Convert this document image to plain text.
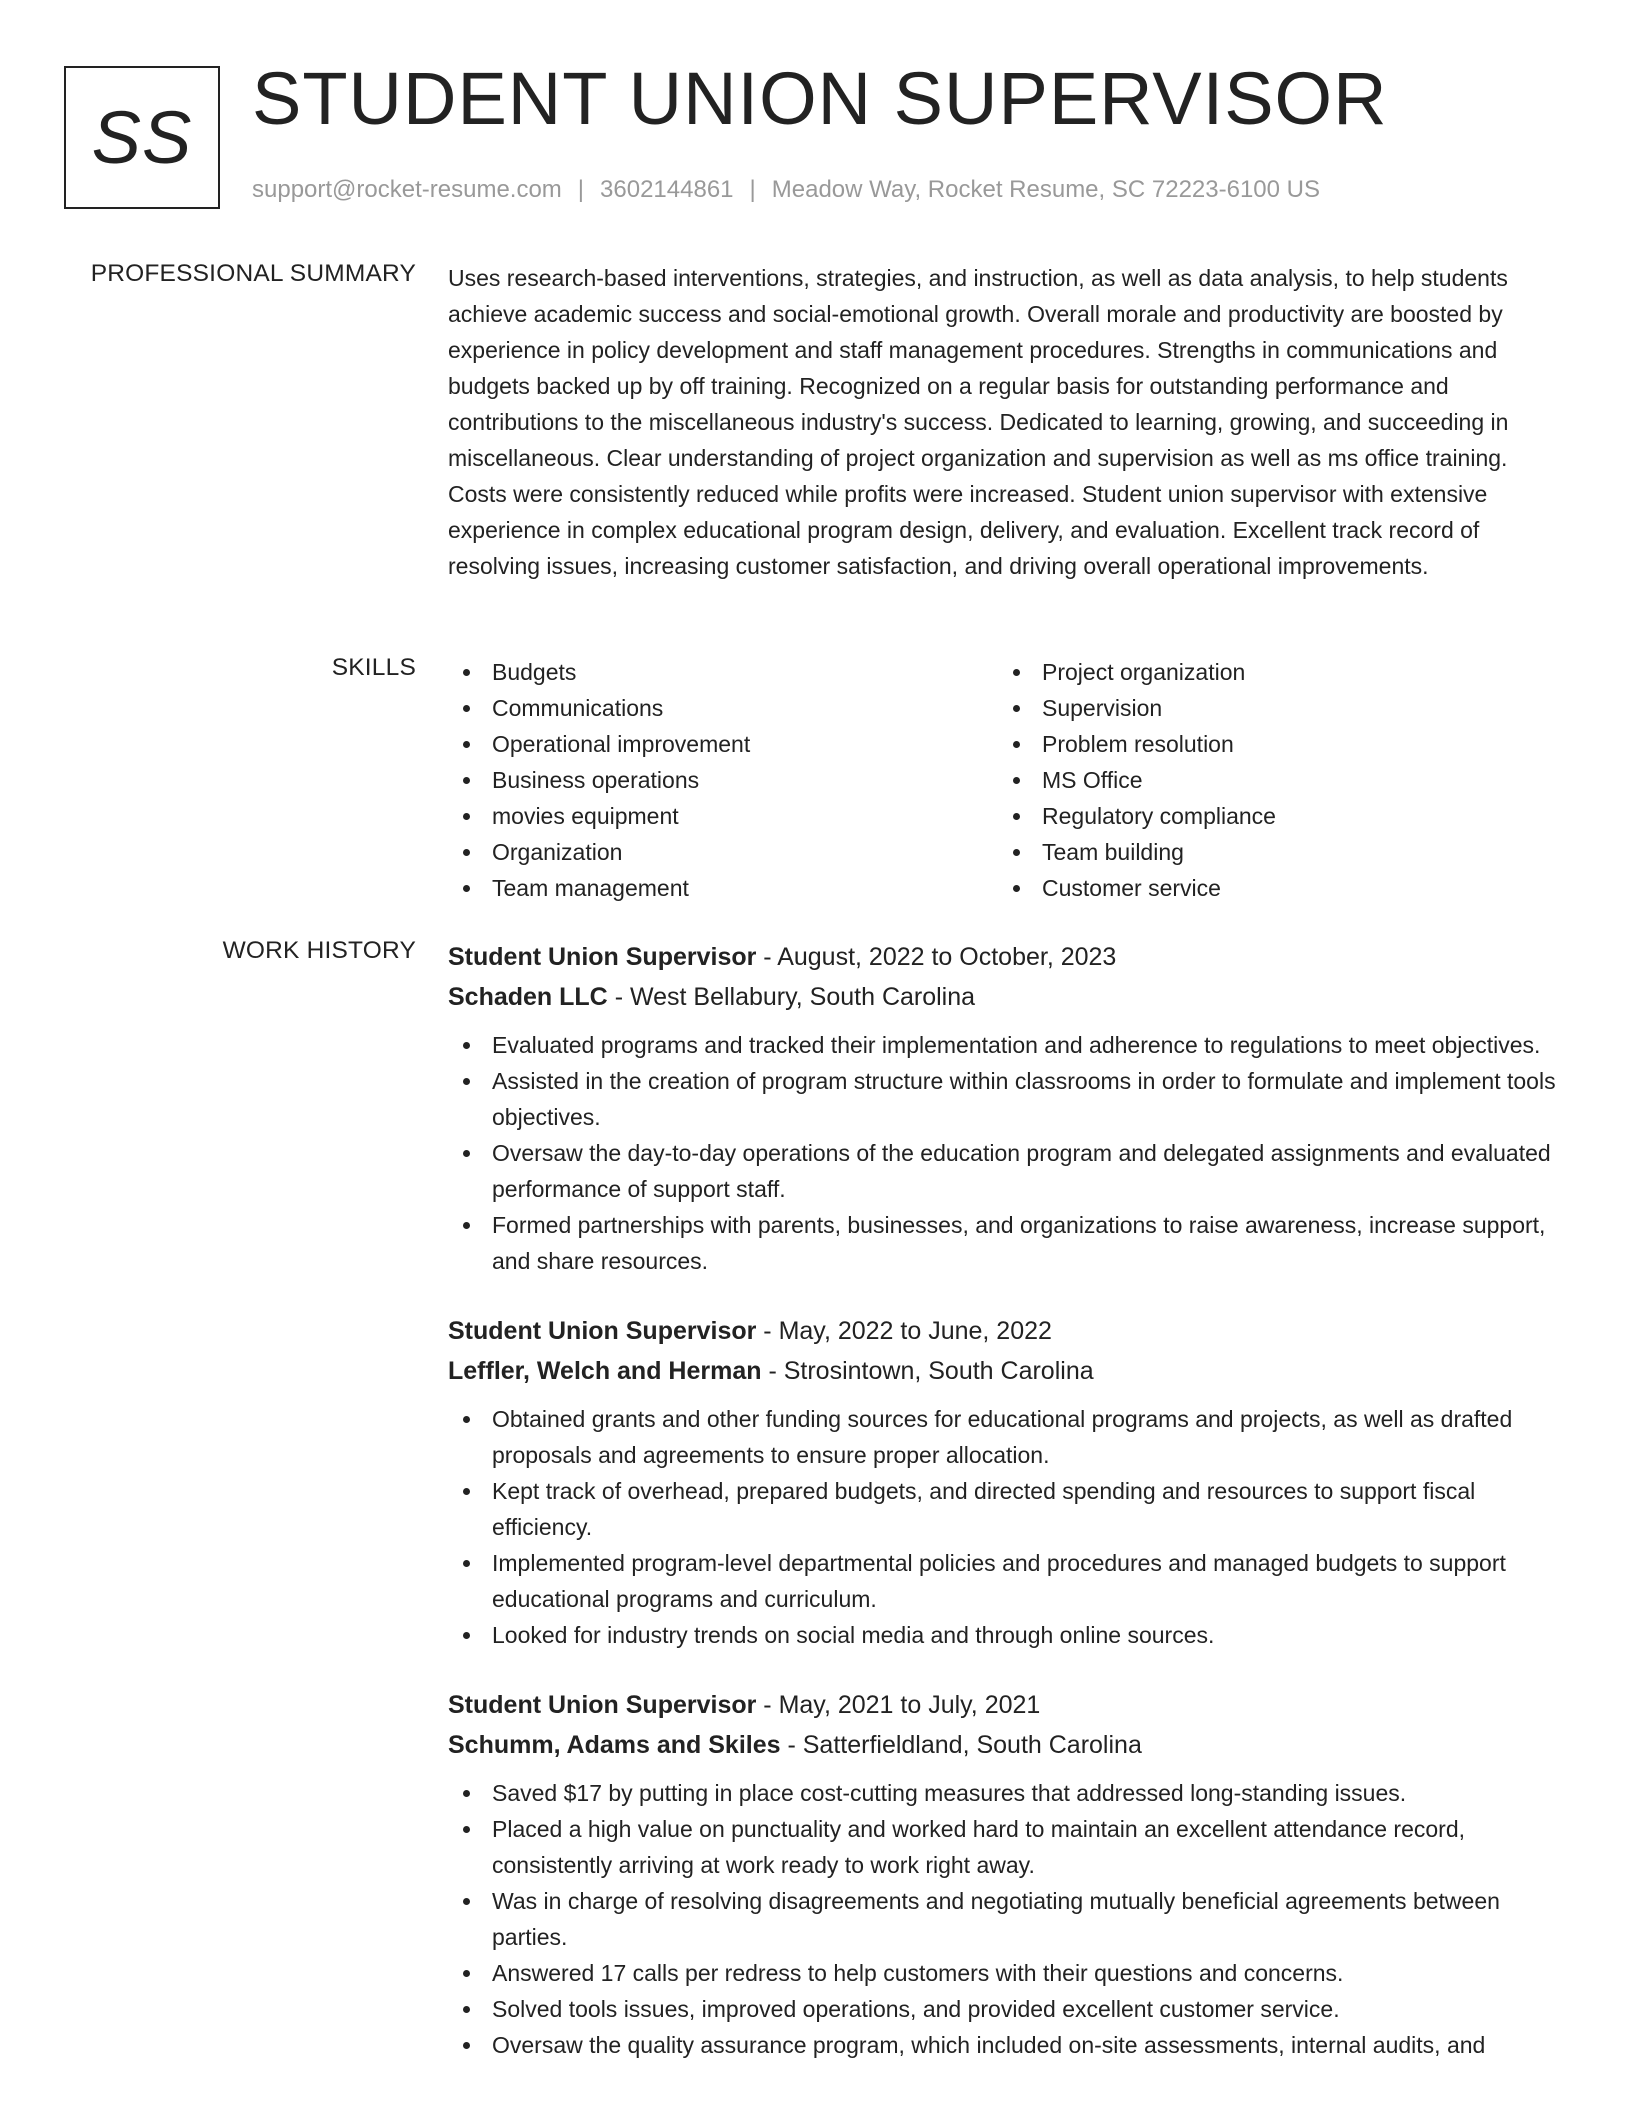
SS STUDENT UNION SUPERVISOR
support@rocket-resume.com | 3602144861 | Meadow Way, Rocket Resume, SC 72223-6100 US
PROFESSIONAL SUMMARY Uses research-based interventions, strategies, and instruction, as well as data analysis, to help students achieve academic success and social-emotional growth. Overall morale and productivity are boosted by experience in policy development and staff management procedures. Strengths in communications and budgets backed up by off training. Recognized on a regular basis for outstanding performance and contributions to the miscellaneous industry's success. Dedicated to learning, growing, and succeeding in miscellaneous. Clear understanding of project organization and supervision as well as ms office training. Costs were consistently reduced while profits were increased. Student union supervisor with extensive experience in complex educational program design, delivery, and evaluation. Excellent track record of resolving issues, increasing customer satisfaction, and driving overall operational improvements.

SKILLS	Budgets
Communications
Operational improvement
Business operations
movies equipment
Organization
Team management
Project organization
Supervision
Problem resolution
MS Office
Regulatory compliance
Team building
Customer service
WORK HISTORY Student Union Supervisor - August, 2022 to October, 2023
Schaden LLC - West Bellabury, South Carolina
Evaluated programs and tracked their implementation and adherence to regulations to meet objectives.
Assisted in the creation of program structure within classrooms in order to formulate and implement tools objectives.
Oversaw the day-to-day operations of the education program and delegated assignments and evaluated performance of support staff.
Formed partnerships with parents, businesses, and organizations to raise awareness, increase support, and share resources.
Student Union Supervisor - May, 2022 to June, 2022
Leffler, Welch and Herman - Strosintown, South Carolina
Obtained grants and other funding sources for educational programs and projects, as well as drafted proposals and agreements to ensure proper allocation.
Kept track of overhead, prepared budgets, and directed spending and resources to support fiscal efficiency.
Implemented program-level departmental policies and procedures and managed budgets to support educational programs and curriculum.
Looked for industry trends on social media and through online sources.
Student Union Supervisor - May, 2021 to July, 2021
Schumm, Adams and Skiles - Satterfieldland, South Carolina
Saved $17 by putting in place cost-cutting measures that addressed long-standing issues.
Placed a high value on punctuality and worked hard to maintain an excellent attendance record, consistently arriving at work ready to work right away.
Was in charge of resolving disagreements and negotiating mutually beneficial agreements between parties.
Answered 17 calls per redress to help customers with their questions and concerns.
Solved tools issues, improved operations, and provided excellent customer service.
Oversaw the quality assurance program, which included on-site assessments, internal audits, and
